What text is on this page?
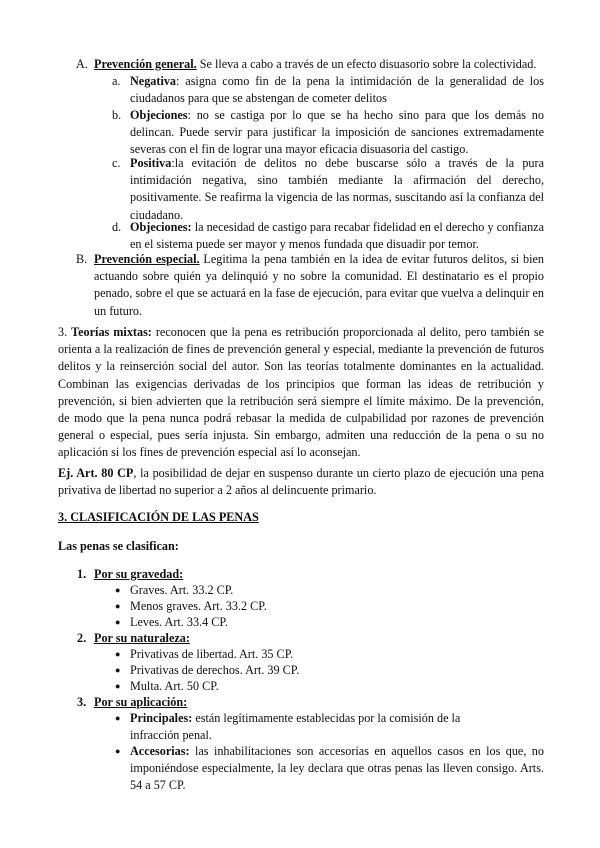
A. Prevención general. Se lleva a cabo a través de un efecto disuasorio sobre la colectividad.
a. Negativa: asigna como fin de la pena la intimidación de la generalidad de los ciudadanos para que se abstengan de cometer delitos
b. Objeciones: no se castiga por lo que se ha hecho sino para que los demás no delincan. Puede servir para justificar la imposición de sanciones extremadamente severas con el fin de lograr una mayor eficacia disuasoria del castigo.
c. Positiva:la evitación de delitos no debe buscarse sólo a través de la pura intimidación negativa, sino también mediante la afirmación del derecho, positivamente. Se reafirma la vigencia de las normas, suscitando así la confianza del ciudadano.
d. Objeciones: la necesidad de castigo para recabar fidelidad en el derecho y confianza en el sistema puede ser mayor y menos fundada que disuadir por temor.
B. Prevención especial. Legitima la pena también en la idea de evitar futuros delitos, si bien actuando sobre quién ya delinquió y no sobre la comunidad. El destinatario es el propio penado, sobre el que se actuará en la fase de ejecución, para evitar que vuelva a delinquir en un futuro.
3. Teorías mixtas: reconocen que la pena es retribución proporcionada al delito, pero también se orienta a la realización de fines de prevención general y especial, mediante la prevención de futuros delitos y la reinserción social del autor. Son las teorías totalmente dominantes en la actualidad. Combinan las exigencias derivadas de los principios que forman las ideas de retribución y prevención, si bien advierten que la retribución será siempre el límite máximo. De la prevención, de modo que la pena nunca podrá rebasar la medida de culpabilidad por razones de prevención general o especial, pues sería injusta. Sin embargo, admiten una reducción de la pena o su no aplicación si los fines de prevención especial así lo aconsejan.
Ej. Art. 80 CP, la posibilidad de dejar en suspenso durante un cierto plazo de ejecución una pena privativa de libertad no superior a 2 años al delincuente primario.
3. CLASIFICACIÓN DE LAS PENAS
Las penas se clasifican:
1. Por su gravedad:
● Graves. Art. 33.2 CP.
● Menos graves. Art. 33.2 CP.
● Leves. Art. 33.4 CP.
2. Por su naturaleza:
● Privativas de libertad. Art. 35 CP.
● Privativas de derechos. Art. 39 CP.
● Multa. Art. 50 CP.
3. Por su aplicación:
● Principales: están legítimamente establecidas por la comisión de la infracción penal.
● Accesorias: las inhabilitaciones son accesorias en aquellos casos en los que, no imponiéndose especialmente, la ley declara que otras penas las lleven consigo. Arts. 54 a 57 CP.
